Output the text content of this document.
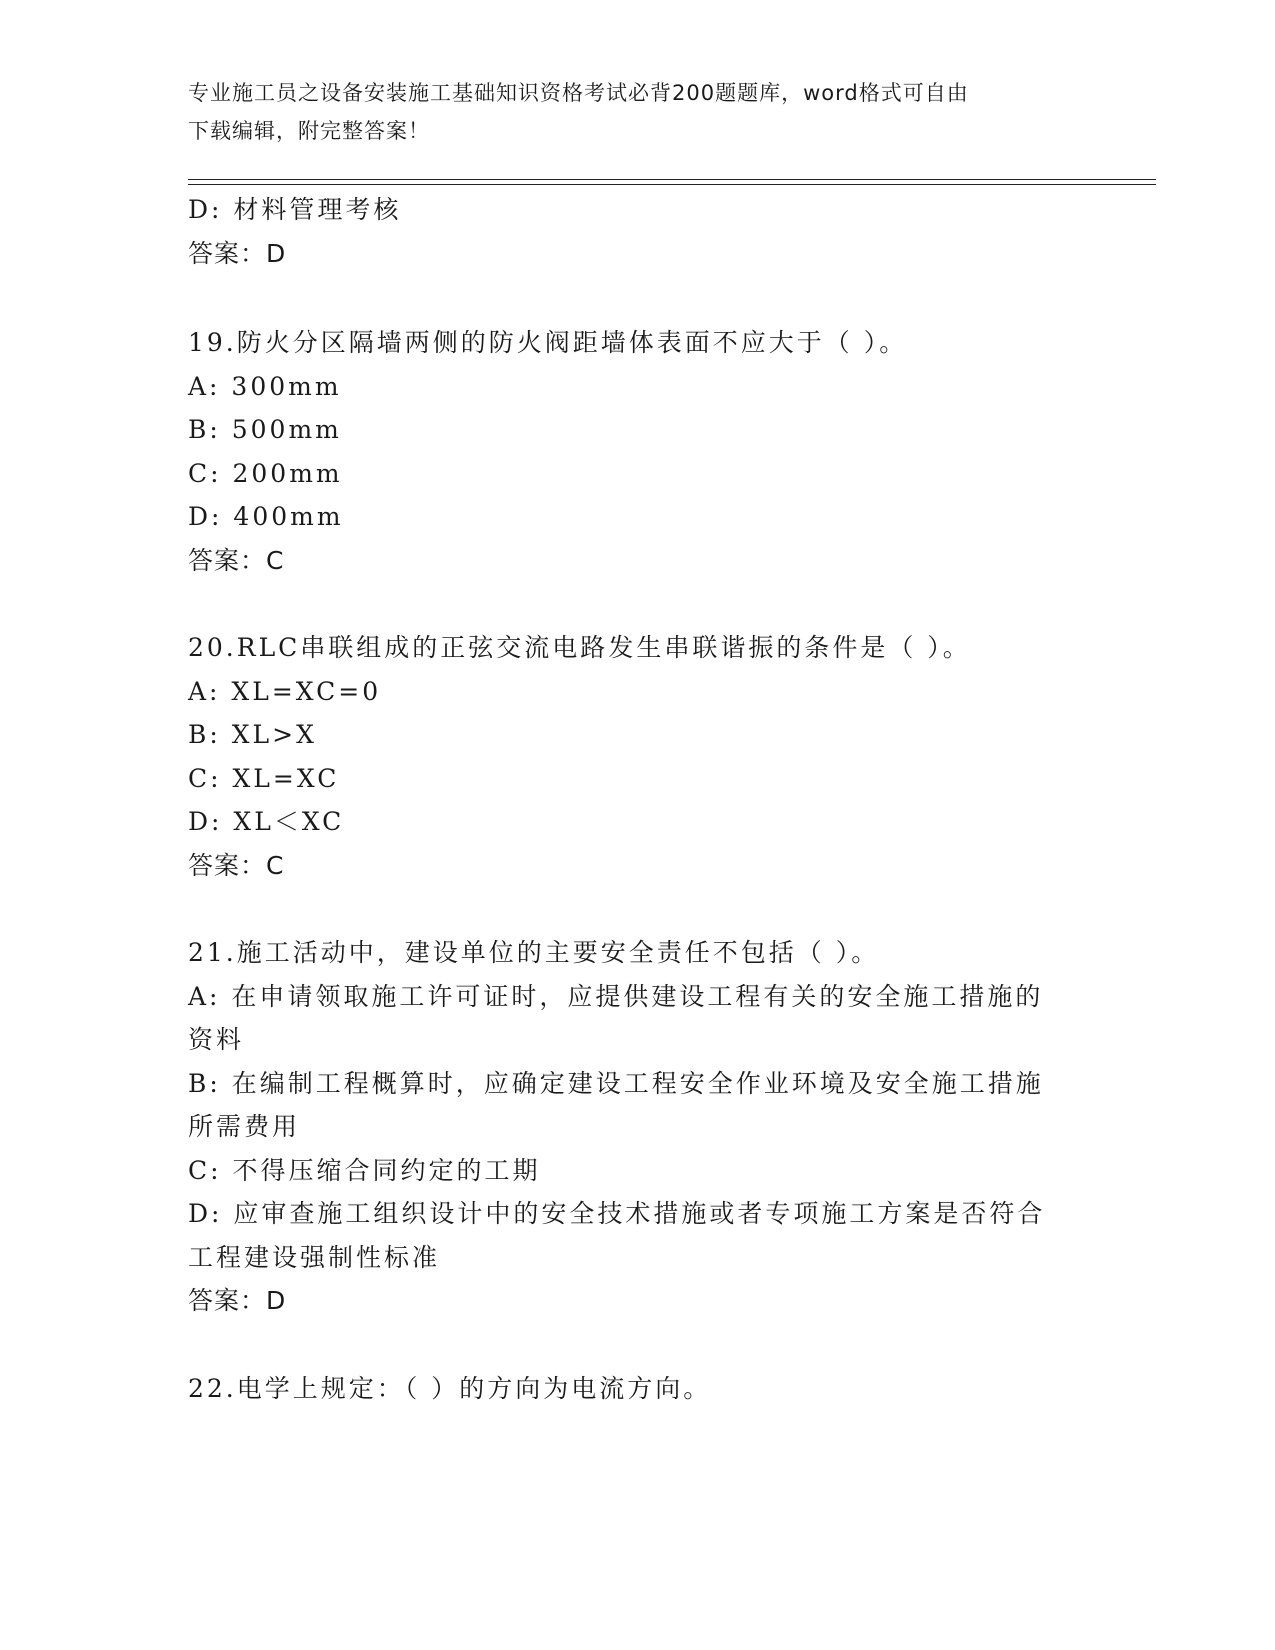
专业施工员之设备安装施工基础知识资格考试必背200题题库，word格式可自由
下载编辑，附完整答案！
D: 材料管理考核
答案：D
19.防火分区隔墙两侧的防火阀距墙体表面不应大于（ ）。
A: 300mm
B: 500mm
C: 200mm
D: 400mm
答案：C
20.RLC串联组成的正弦交流电路发生串联谐振的条件是（ ）。
A: XL=XC=0
B: XL>X
C: XL=XC
D: XL＜XC
答案：C
21.施工活动中，建设单位的主要安全责任不包括（ ）。
A: 在申请领取施工许可证时，应提供建设工程有关的安全施工措施的
资料
B: 在编制工程概算时，应确定建设工程安全作业环境及安全施工措施
所需费用
C: 不得压缩合同约定的工期
D: 应审查施工组织设计中的安全技术措施或者专项施工方案是否符合
工程建设强制性标准
答案：D
22.电学上规定：（ ）的方向为电流方向。
